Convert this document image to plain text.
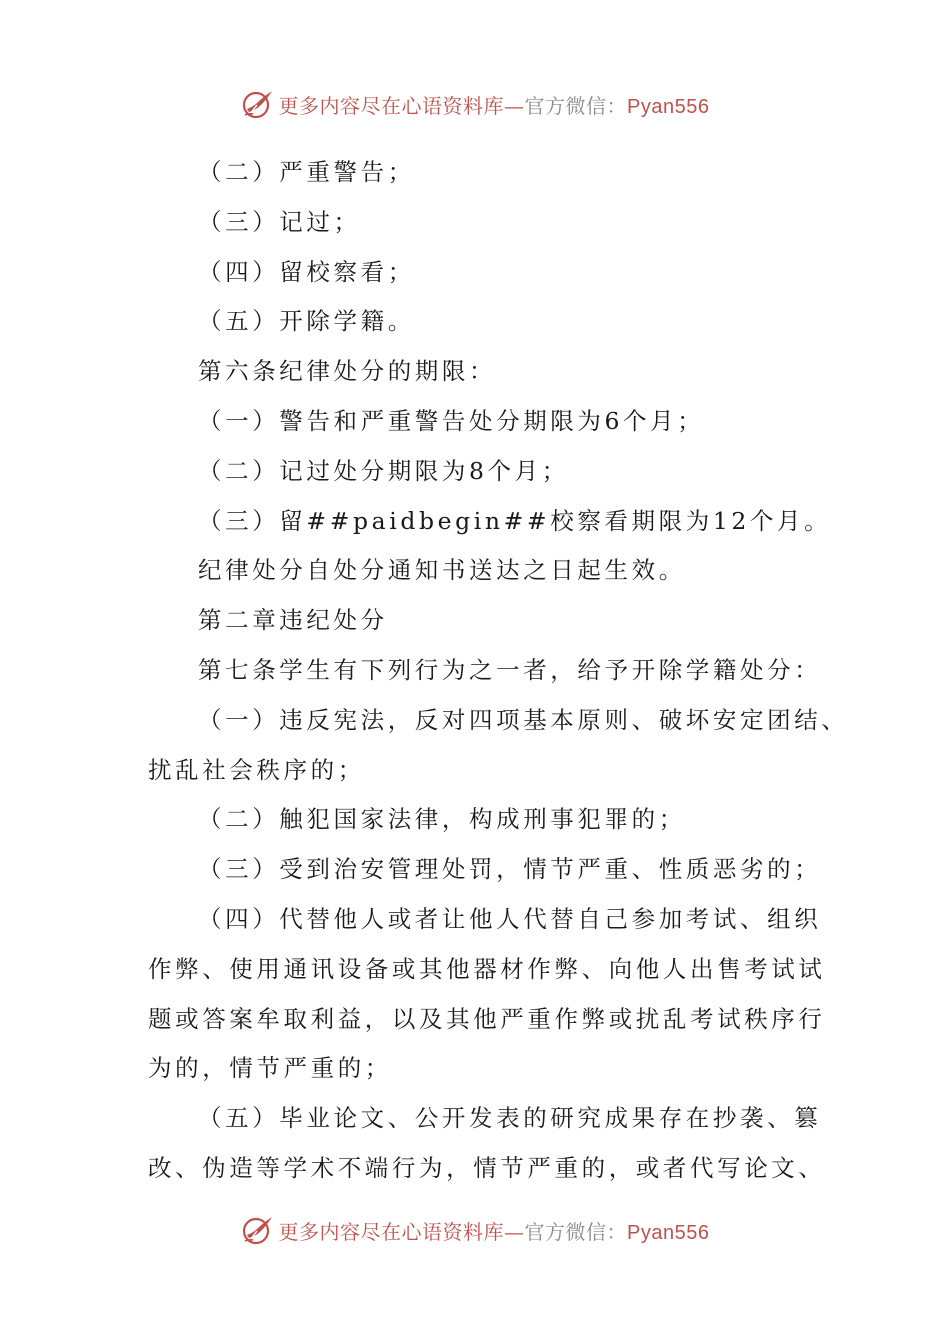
更多内容尽在心语资料库—官方微信：Pyan556
（二）严重警告；
（三）记过；
（四）留校察看；
（五）开除学籍。
第六条纪律处分的期限：
（一）警告和严重警告处分期限为6个月；
（二）记过处分期限为8个月；
（三）留##paidbegin##校察看期限为12个月。
纪律处分自处分通知书送达之日起生效。
第二章违纪处分
第七条学生有下列行为之一者，给予开除学籍处分：
（一）违反宪法，反对四项基本原则、破坏安定团结、
扰乱社会秩序的；
（二）触犯国家法律，构成刑事犯罪的；
（三）受到治安管理处罚，情节严重、性质恶劣的；
（四）代替他人或者让他人代替自己参加考试、组织
作弊、使用通讯设备或其他器材作弊、向他人出售考试试
题或答案牟取利益，以及其他严重作弊或扰乱考试秩序行
为的，情节严重的；
（五）毕业论文、公开发表的研究成果存在抄袭、篡
改、伪造等学术不端行为，情节严重的，或者代写论文、
更多内容尽在心语资料库—官方微信：Pyan556
